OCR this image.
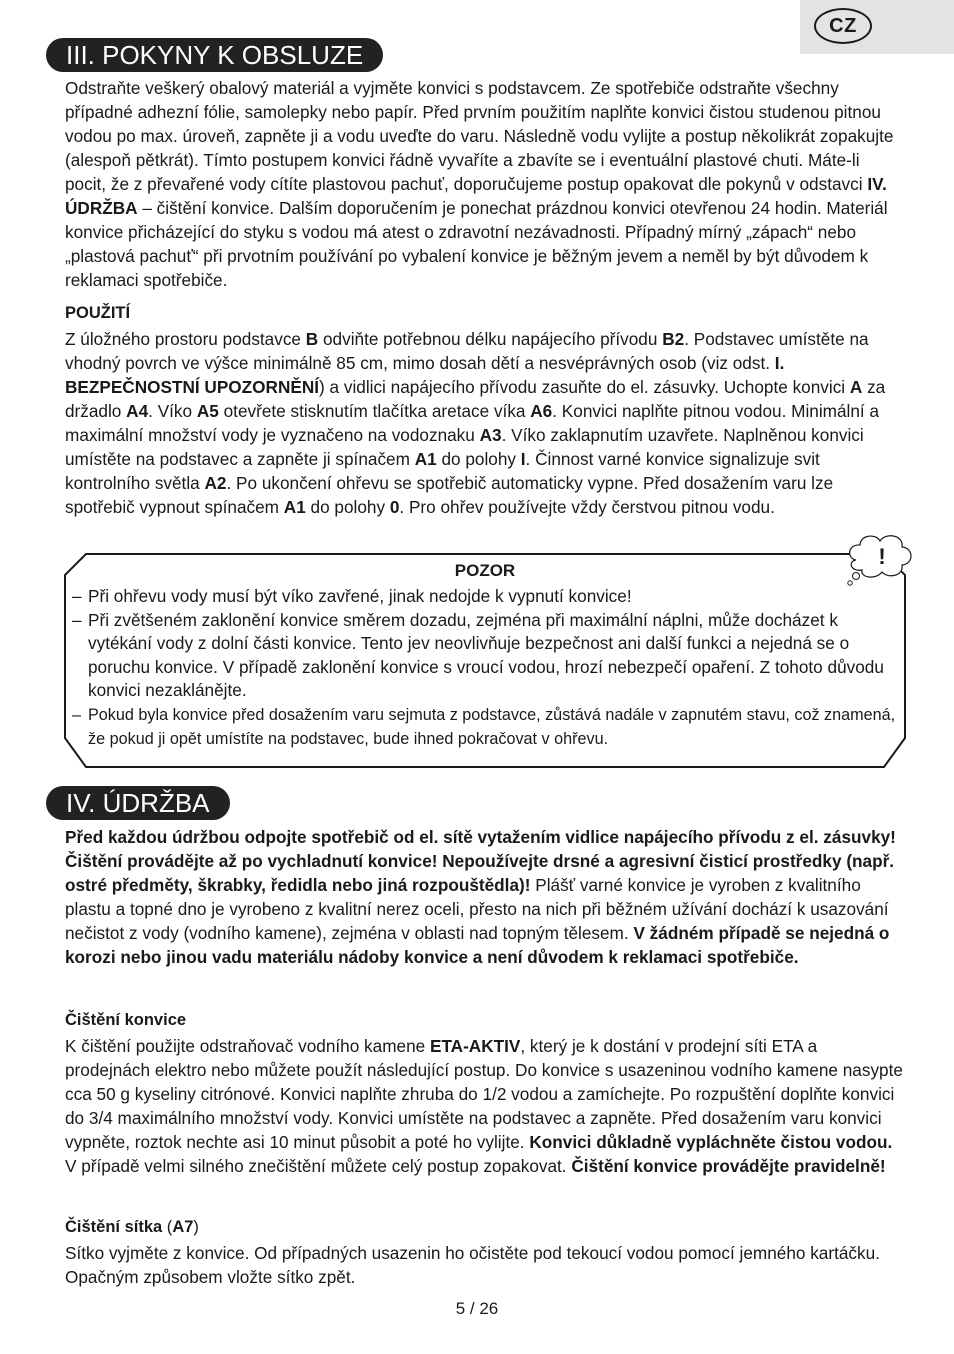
CZ
III. POKYNY K OBSLUZE

Odstraňte veškerý obalový materiál a vyjměte konvici s podstavcem. Ze spotřebiče odstraňte všechny případné adhezní fólie, samolepky nebo papír. Před prvním použitím naplňte konvici čistou studenou pitnou vodou po max. úroveň, zapněte ji a vodu uveďte do varu. Následně vodu vylijte a postup několikrát zopakujte (alespoň pětkrát). Tímto postupem konvici řádně vyvaříte a zbavíte se i eventuální plastové chuti. Máte-li pocit, že z převařené vody cítíte plastovou pachuť, doporučujeme postup opakovat dle pokynů v odstavci IV. ÚDRŽBA – čištění konvice. Dalším doporučením je ponechat prázdnou konvici otevřenou 24 hodin. Materiál konvice přicházející do styku s vodou má atest o zdravotní nezávadnosti. Případný mírný „zápach“ nebo „plastová pachuť“ při prvotním používání po vybalení konvice je běžným jevem a neměl by být důvodem k reklamaci spotřebiče.

POUŽITÍ

Z úložného prostoru podstavce B odviňte potřebnou délku napájecího přívodu B2. Podstavec umístěte na vhodný povrch ve výšce minimálně 85 cm, mimo dosah dětí a nesvéprávných osob (viz odst. I. BEZPEČNOSTNÍ UPOZORNĚNÍ) a vidlici napájecího přívodu zasuňte do el. zásuvky. Uchopte konvici A za držadlo A4. Víko A5 otevřete stisknutím tlačítka aretace víka A6. Konvici naplňte pitnou vodou. Minimální a maximální množství vody je vyznačeno na vodoznaku A3. Víko zaklapnutím uzavřete. Naplněnou konvici umístěte na podstavec a zapněte ji spínačem A1 do polohy I. Činnost varné konvice signalizuje svit kontrolního světla A2. Po ukončení ohřevu se spotřebič automaticky vypne. Před dosažením varu lze spotřebič vypnout spínačem A1 do polohy 0. Pro ohřev používejte vždy čerstvou pitnou vodu.

POZOR

– Při ohřevu vody musí být víko zavřené, jinak nedojde k vypnutí konvice!

– Při zvětšeném zaklonění konvice směrem dozadu, zejména při maximální náplni, může docházet k vytékání vody z dolní části konvice. Tento jev neovlivňuje bezpečnost ani další funkci a nejedná se o poruchu konvice. V případě zaklonění konvice s vroucí vodou, hrozí nebezpečí opaření. Z tohoto důvodu konvici nezaklánějte.

– Pokud byla konvice před dosažením varu sejmuta z podstavce, zůstává nadále v zapnutém stavu, což znamená, že pokud ji opět umístíte na podstavec, bude ihned pokračovat v ohřevu.

!
IV. ÚDRŽBA

Před každou údržbou odpojte spotřebič od el. sítě vytažením vidlice napájecího přívodu z el. zásuvky! Čištění provádějte až po vychladnutí konvice! Nepoužívejte drsné a agresivní čisticí prostředky (např. ostré předměty, škrabky, ředidla nebo jiná rozpouštědla)! Plášť varné konvice je vyroben z kvalitního plastu a topné dno je vyrobeno z kvalitní nerez oceli, přesto na nich při běžném užívání dochází k usazování nečistot z vody (vodního kamene), zejména v oblasti nad topným tělesem. V žádném případě se nejedná o korozi nebo jinou vadu materiálu nádoby konvice a není důvodem k reklamaci spotřebiče.

Čištění konvice

K čištění použijte odstraňovač vodního kamene ETA-AKTIV, který je k dostání v prodejní síti ETA a prodejnách elektro nebo můžete použít následující postup. Do konvice s usazeninou vodního kamene nasypte cca 50 g kyseliny citrónové. Konvici naplňte zhruba do 1/2 vodou a zamíchejte. Po rozpuštění doplňte konvici do 3/4 maximálního množství vody. Konvici umístěte na podstavec a zapněte. Před dosažením varu konvici vypněte, roztok nechte asi 10 minut působit a poté ho vylijte. Konvici důkladně vypláchněte čistou vodou. V případě velmi silného znečištění můžete celý postup zopakovat. Čištění konvice provádějte pravidelně!

Čištění sítka (A7)

Sítko vyjměte z konvice. Od případných usazenin ho očistěte pod tekoucí vodou pomocí jemného kartáčku. Opačným způsobem vložte sítko zpět.

5 / 26
